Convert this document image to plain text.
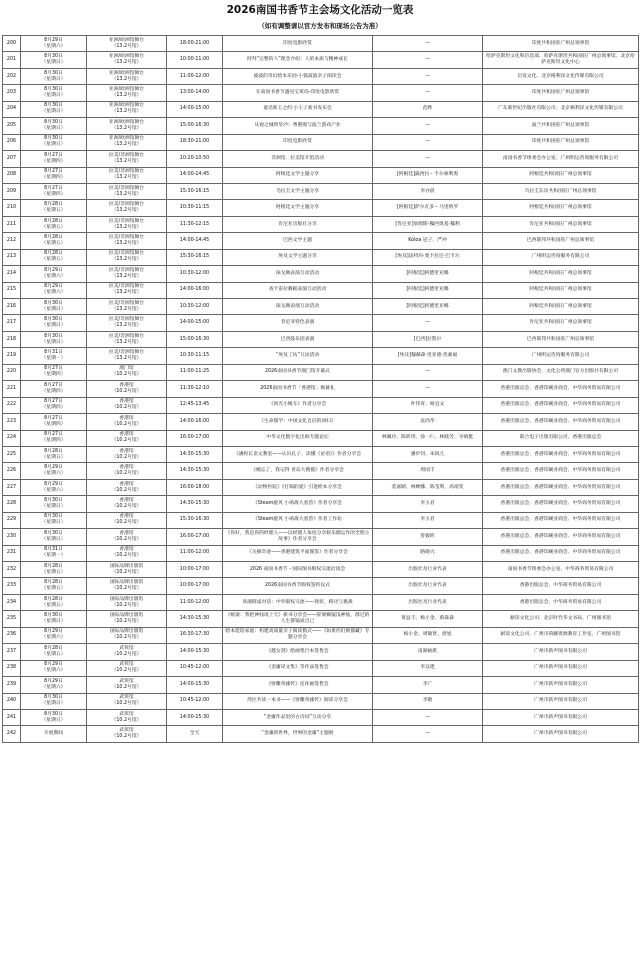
2026南国书香节主会场文化活动一览表
（如有调整请以官方发布和现场公告为准）
200	8月29日
（星期六）	亚洲/欧洲馆舞台
（13.2号馆）	18:00-21:00	印度电影欣赏	—	印度共和国驻广州总领事馆
201	8月30日
（星期日）	亚洲/欧洲馆舞台
（13.2号馆）	10:00-11:00	阿拜“完整的人”理念介绍：人的本质与精神成长	—	哈萨克斯坦文化和信息部、哈萨克斯坦共和国驻广州总领事馆、北京哈萨克斯坦文化中心
202	8月30日
（星期日）	亚洲/欧洲馆舞台
（13.2号馆）	11:00-12:00	波波的奇幻绘本乐园-小狐波波亲子阅读会	—	启发文化、北京格利泽文化传媒有限公司
203	8月30日
（星期日）	亚洲/欧洲馆舞台
（13.2号馆）	13:00-14:00	在南国书香节遇见宝莱坞-印度电影欣赏	—	印度共和国驻广州总领事馆
204	8月30日
（星期日）	亚洲/欧洲馆舞台
（13.2号馆）	14:00-15:00	童话新王之约·小王子新书发布会	范晔	广东新世纪出版社有限公司、北京格利泽文化传媒有限公司
205	8月30日
（星期日）	亚洲/欧洲馆舞台
（13.2号馆）	15:00-16:30	从视之城到华沙：粤港澳与波兰游戏产业	—	波兰共和国驻广州总领事馆
206	8月30日
（星期日）	亚洲/欧洲馆舞台
（13.2号馆）	18:30-21:00	印度电影欣赏	—	印度共和国驻广州总领事馆
207	8月27日
（星期四）	拉美/非洲馆舞台
（13.2号馆）	10:20-10:50	非洲馆、拉美馆开馆活动	—	南国书香节组委会办公室、广州明运咨询服务有限公司
208	8月27日
（星期四）	拉美/非洲馆舞台
（13.2号馆）	14:00-14:45	阿根廷文学主题分享	[阿根廷]露西拉・卡尔索利奥	阿根廷共和国驻广州总领事馆
209	8月27日
（星期四）	拉美/非洲馆舞台
（13.2号馆）	15:30-16:15	乌拉圭文学主题分享	李亦晨	乌拉圭东岸共和国驻广州总领事馆
210	8月28日
（星期五）	拉美/非洲馆舞台
（13.2号馆）	10:30-11:15	阿根廷文学主题分享	[阿根廷]萨尔瓦多・马里纳罗	阿根廷共和国驻广州总领事馆
211	8月28日
（星期五）	拉美/非洲馆舞台
（13.2号馆）	11:30-12:15	肯尼亚出版社分享	[肯尼亚]詹姆斯·穆西奥基·穆利	肯尼亚共和国驻广州总领事馆
212	8月28日
（星期五）	拉美/非洲馆舞台
（13.2号馆）	14:00-14:45	巴西文学主题	Koloa 冠子、严冲	巴西联邦共和国驻广州总领事馆
213	8月28日
（星期五）	拉美/非洲馆舞台
（13.2号馆）	15:30-16:15	埃及文学主题分享	[埃及]法特玛·奥卡拉尼·巴卡尔	广州明运咨询服务有限公司
214	8月29日
（星期六）	拉美/非洲馆舞台
（13.2号馆）	10:30-12:00	探戈舞表演互动活动	[阿根廷]阿德里亚娜	阿根廷共和国驻广州总领事馆
215	8月29日
（星期六）	拉美/非洲馆舞台
（13.2号馆）	14:00-16:00	查卡雷拉舞蹈表演互动活动	[阿根廷]阿德里亚娜	阿根廷共和国驻广州总领事馆
216	8月30日
（星期日）	拉美/非洲馆舞台
（13.2号馆）	10:30-12:00	探戈舞表演互动活动	[阿根廷]阿德里亚娜	阿根廷共和国驻广州总领事馆
217	8月30日
（星期日）	拉美/非洲馆舞台
（13.2号馆）	14:00-15:00	肯尼亚特色表演	—	肯尼亚共和国驻广州总领事馆
218	8月30日
（星期日）	拉美/非洲馆舞台
（13.2号馆）	15:00-16:30	巴西鼓乐团表演	[巴西]拉凯尔	巴西联邦共和国驻广州总领事馆
219	8月31日
（星期一）	拉美/非洲馆舞台
（13.2号馆）	10:30-11:15	“埃及工坊”互动活动	[埃及]穆赫森·里亚德·优素福	广州明运咨询服务有限公司
220	8月27日
（星期四）	澳门馆
（10.2号馆）	11:00-11:25	2026南国书香节澳门馆开幕式	—	澳门文教出版协会、文化公所澳门官方出版社有限公司
221	8月27日
（星期四）	香港馆
（10.2号馆）	11:30-12:10	2026南国书香节「香港馆」揭幕礼	—	香港出版总会、香港印刷业商会、中华商务贸易有限公司
222	8月27日
（星期四）	香港馆
（10.2号馆）	12:45-13:45	《回光小绳车》作者分享会	叶伟青、杨宜文	香港出版总会、香港印刷业商会、中华商务贸易有限公司
223	8月27日
（星期四）	香港馆
（10.2号馆）	14:00-16:00	《生命儒学：中国文化自信的回归》	袁尚华	香港出版总会、香港印刷业商会、中华商务贸易有限公司
224	8月27日
（星期四）	香港馆
（10.2号馆）	16:00-17:00	中华文化数字化出海专题论坛	林翼玲、陈昕玥、徐一仁、林晓芳、寺晴挺	联合电子出版有限公司、香港出版总会
225	8月28日
（星期五）	香港馆
（10.2号馆）	14:30-15:30	《潘校长语文教室——认识孔子、读懂《论语》》作者分享会	潘步钊、朱锐儿	香港出版总会、香港印刷业商会、中华商务贸易有限公司
226	8月29日
（星期六）	香港馆
（10.2号馆）	14:30-15:30	《她忘了，我记得 青岛大搜猫》作者分享会	周国丰	香港出版总会、香港印刷业商会、中华商务贸易有限公司
227	8月29日
（星期六）	香港馆
（10.2号馆）	16:00-18:00	《动物医院》《打嗝的爱》引进绘本分享会	莫嘉晴、林婵娜、陈莹利、高靖雯	香港出版总会、香港印刷业商会、中华商务贸易有限公司
228	8月30日
（星期日）	香港馆
（10.2号馆）	14:30-15:30	《Steam旋风 小萌战大恶兽》作者分享会	李玉君	香港出版总会、香港印刷业商会、中华商务贸易有限公司
229	8月30日
（星期日）	香港馆
（10.2号馆）	15:30-16:30	《Steam旋风 小萌战大恶兽》作者工作坊	李玉君	香港出版总会、香港印刷业商会、中华商务贸易有限公司
230	8月30日
（星期日）	香港馆
（10.2号馆）	16:00-17:00	《你好，我是你的经理人——以经理人角度分享娱乐圈运作的全程小故事》作者分享会	曾毅昕	香港出版总会、香港印刷业商会、中华商务贸易有限公司
231	8月31日
（星期一）	香港馆
（10.2号馆）	11:00-12:00	《关顿奇迹——香港建筑平面图鉴》作者分享会	路晓兴	香港出版总会、香港印刷业商会、中华商务贸易有限公司
232	8月28日
（星期五）	国际品牌出版馆
（10.2号馆）	10:00-17:00	2026 南国书香节・国际图书版权交流洽谈会	出版社及行业代表	南国书香节组委会办公室、中华商务贸易有限公司
233	8月28日
（星期五）	国际品牌出版馆
（10.2号馆）	10:00-17:00	2026南国书香节版权签约仪式	出版社及行业代表	香港出版总会、中华商务贸易有限公司
234	8月28日
（星期五）	国际品牌出版馆
（10.2号馆）	11:00-12:00	高端圆桌对话：中外版权交流——现状、路径与挑战	出版社及行业代表	香港出版总会、中华商务贸易有限公司
235	8月30日
（星期日）	国际品牌出版馆
（10.2号馆）	14:30-15:30	《纸梁：我把神仙请上天》新书分享会——辞梁赖镜浅神仙，群过的人生都镜成自己	黄益丰、杨小金、蔡森森	耐读文化公司、北京时代华文书局、广州图书馆
236	8月29日
（星期六）	国际品牌出版馆
（10.2号馆）	16:30-17:30	绘本能陪家庭：构建高质量亲子阅读模式——《如果你们被都藏》专题分享会	杨小金、周敏贤、唐旭	耐读文化公司、广州市荷藤资源教育工作室、广州图书馆
237	8月28日
（星期五）	武侠馆
（10.2号馆）	14:00-15:30	《越女剑》绘画集行本签售会	南湖画派	广州市新声图书有限公司
238	8月29日
（星期六）	武侠馆
（10.2号馆）	10:45-12:00	《金庸译文集》等作品签售会	李以建	广州市新声图书有限公司
239	8月29日
（星期六）	武侠馆
（10.2号馆）	14:00-15:30	《射雕英雄传》连环画签售会	李广	广州市新声图书有限公司
240	8月30日
（星期日）	武侠馆
（10.2号馆）	10:45-12:00	湾区共读一本书——《射雕英雄传》阅读分享会	李敬	广州市新声图书有限公司
241	8月30日
（星期日）	武侠馆
（10.2号馆）	14:00-15:30	“金庸作品里的古诗词”互动分享	—	广州市新声图书有限公司
242	开展期间	武侠馆
（10.2号馆）	全天	“金庸的世界，世界的金庸”主题展	—	广州市新声图书有限公司
